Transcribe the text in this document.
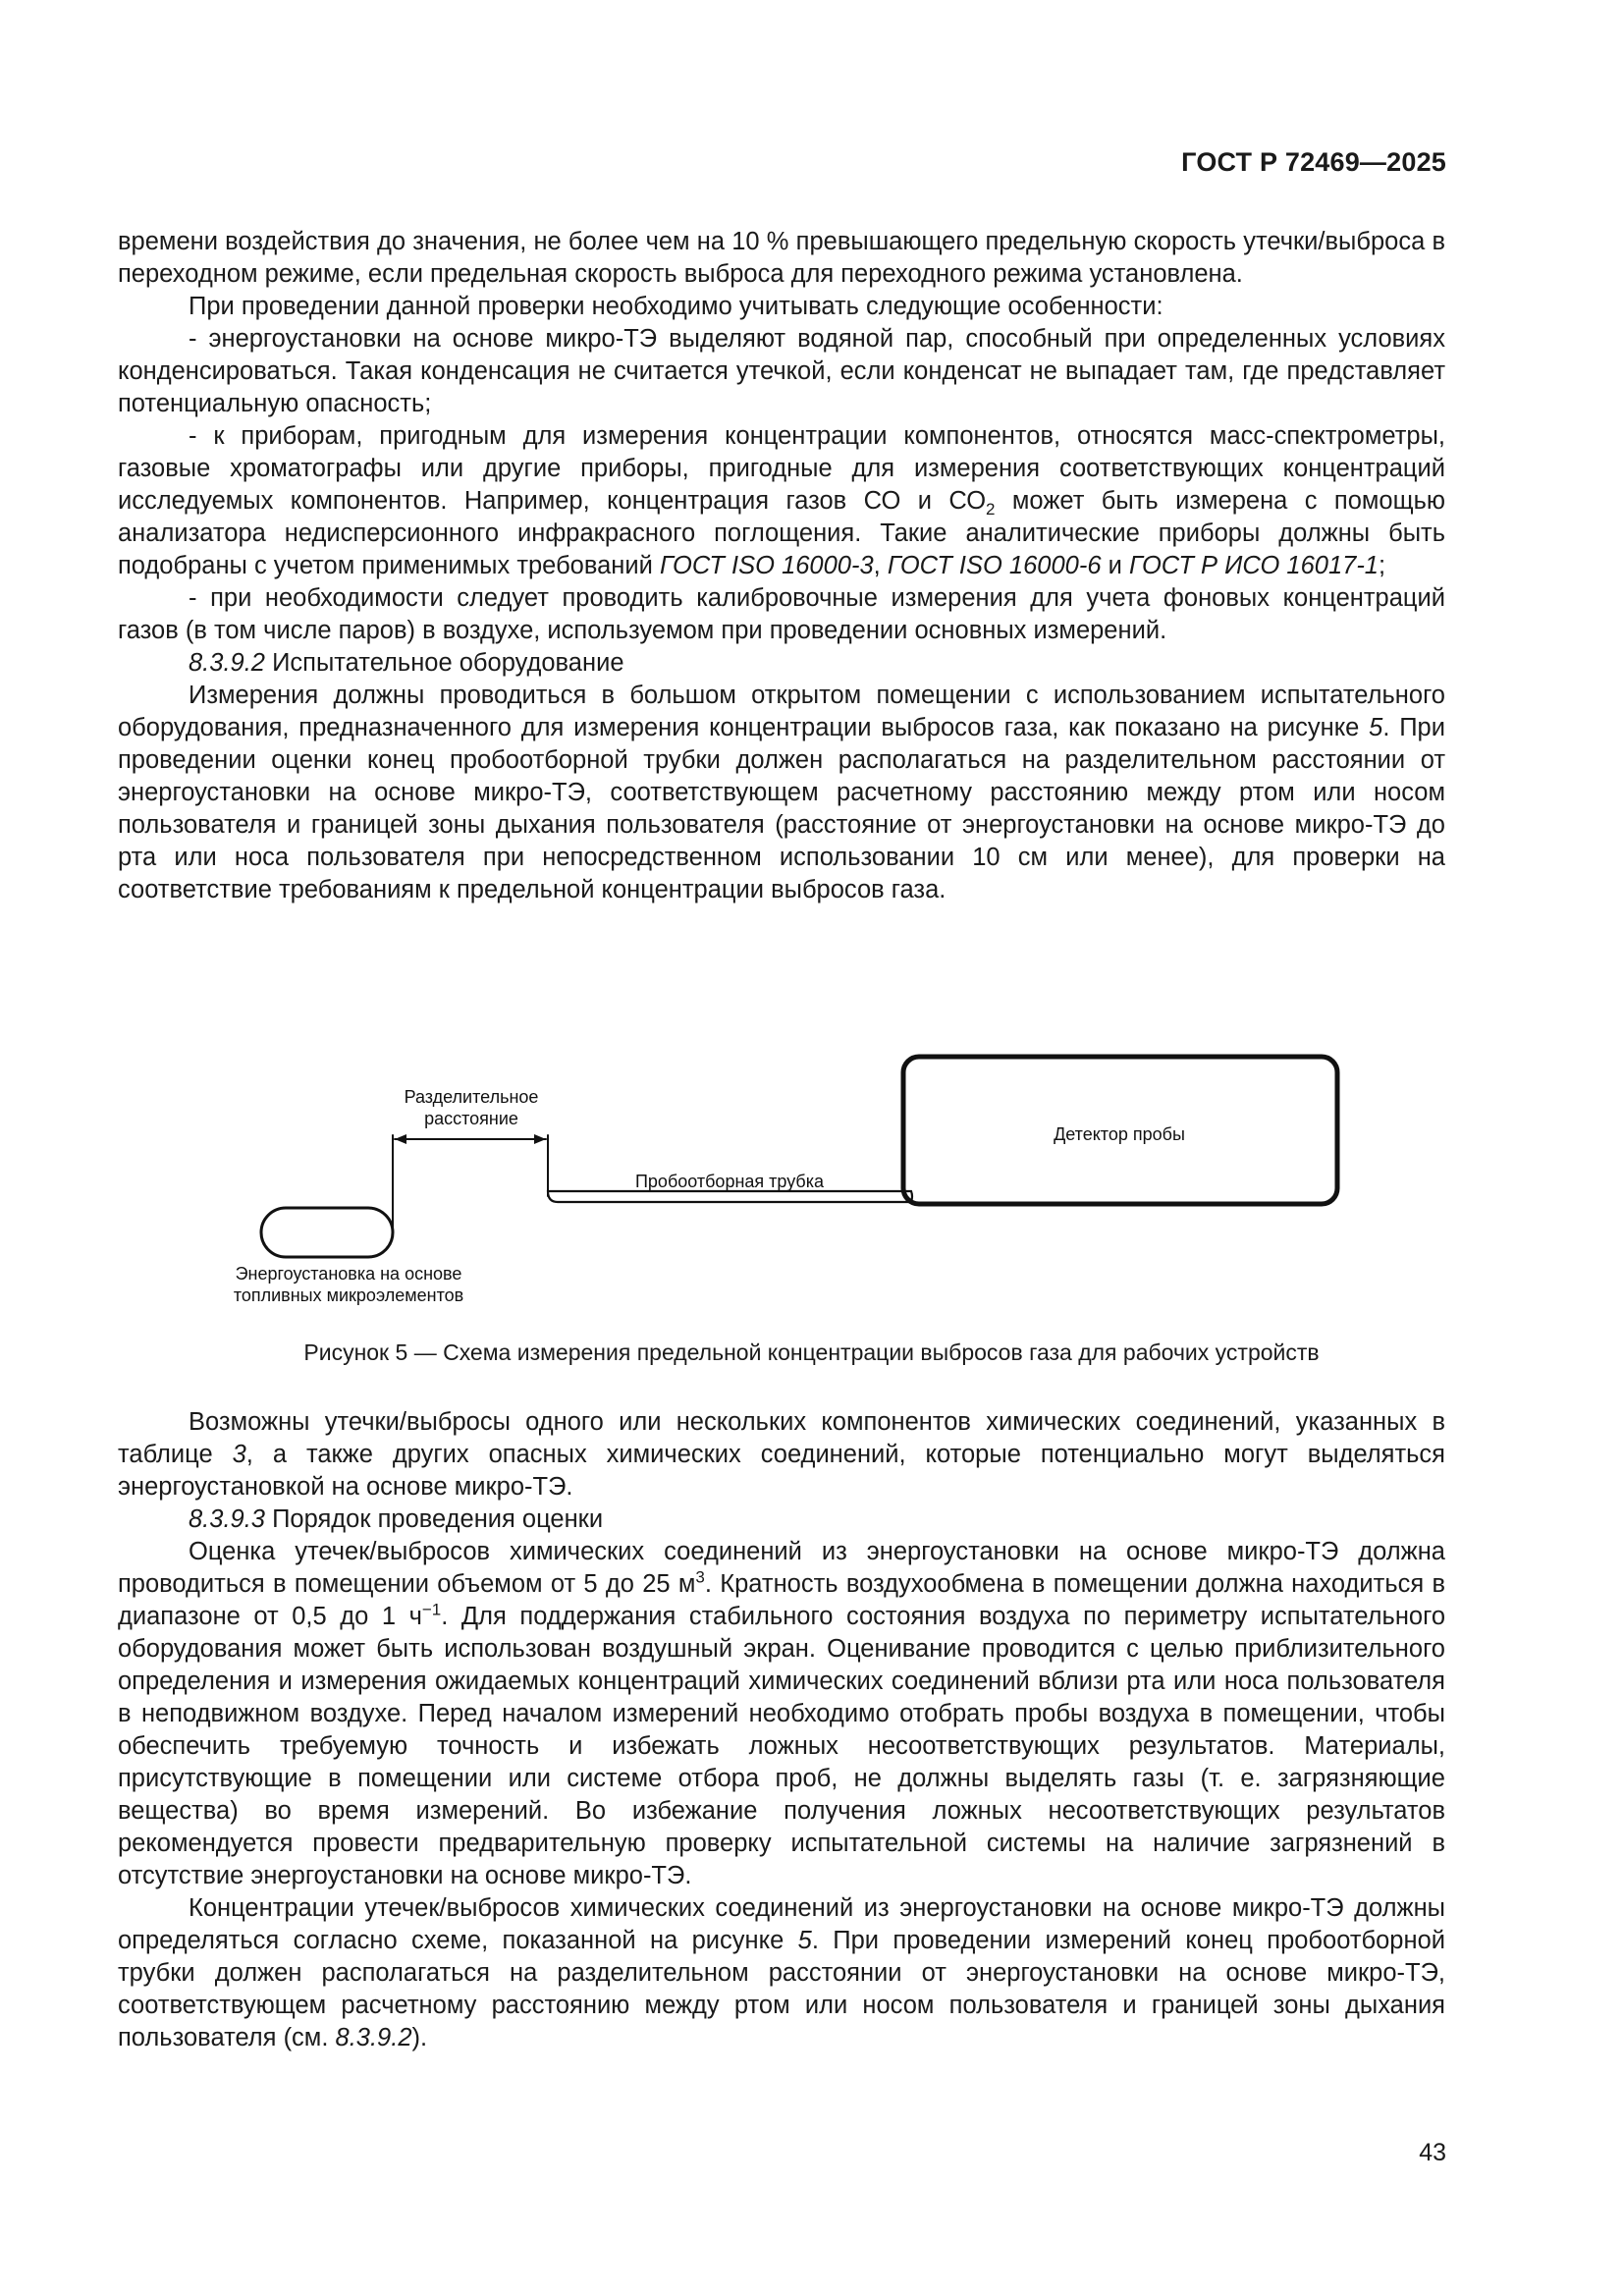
ГОСТ Р 72469—2025

времени воздействия до значения, не более чем на 10 % превышающего предельную скорость утечки/выброса в переходном режиме, если предельная скорость выброса для переходного режима установлена.

При проведении данной проверки необходимо учитывать следующие особенности:

- энергоустановки на основе микро-ТЭ выделяют водяной пар, способный при определенных условиях конденсироваться. Такая конденсация не считается утечкой, если конденсат не выпадает там, где представляет потенциальную опасность;

- к приборам, пригодным для измерения концентрации компонентов, относятся масс-спектрометры, газовые хроматографы или другие приборы, пригодные для измерения соответствующих концентраций исследуемых компонентов. Например, концентрация газов СО и $СО_2$ может быть измерена с помощью анализатора недисперсионного инфракрасного поглощения. Такие аналитические приборы должны быть подобраны с учетом применимых требований ГОСТ ISO 16000-3, ГОСТ ISO 16000-6 и ГОСТ Р ИСО 16017-1;

- при необходимости следует проводить калибровочные измерения для учета фоновых концентраций газов (в том числе паров) в воздухе, используемом при проведении основных измерений.

8.3.9.2 Испытательное оборудование

Измерения должны проводиться в большом открытом помещении с использованием испытательного оборудования, предназначенного для измерения концентрации выбросов газа, как показано на рисунке 5. При проведении оценки конец пробоотборной трубки должен располагаться на разделительном расстоянии от энергоустановки на основе микро-ТЭ, соответствующем расчетному расстоянию между ртом или носом пользователя и границей зоны дыхания пользователя (расстояние от энергоустановки на основе микро-ТЭ до рта или носа пользователя при непосредственном использовании 10 см или менее), для проверки на соответствие требованиям к предельной концентрации выбросов газа.

Разделительное
расстояние
Пробоотборная трубка
Детектор пробы
Энергоустановка на основе
топливных микроэлементов
Рисунок 5 — Схема измерения предельной концентрации выбросов газа для рабочих устройств

Возможны утечки/выбросы одного или нескольких компонентов химических соединений, указанных в таблице 3, а также других опасных химических соединений, которые потенциально могут выделяться энергоустановкой на основе микро-ТЭ.

8.3.9.3 Порядок проведения оценки

Оценка утечек/выбросов химических соединений из энергоустановки на основе микро-ТЭ должна проводиться в помещении объемом от 5 до 25 $м^3$. Кратность воздухообмена в помещении должна находиться в диапазоне от 0,5 до 1 $ч^{-1}$. Для поддержания стабильного состояния воздуха по периметру испытательного оборудования может быть использован воздушный экран. Оценивание проводится с целью приблизительного определения и измерения ожидаемых концентраций химических соединений вблизи рта или носа пользователя в неподвижном воздухе. Перед началом измерений необходимо отобрать пробы воздуха в помещении, чтобы обеспечить требуемую точность и избежать ложных несоответствующих результатов. Материалы, присутствующие в помещении или системе отбора проб, не должны выделять газы (т. е. загрязняющие вещества) во время измерений. Во избежание получения ложных несоответствующих результатов рекомендуется провести предварительную проверку испытательной системы на наличие загрязнений в отсутствие энергоустановки на основе микро-ТЭ.

Концентрации утечек/выбросов химических соединений из энергоустановки на основе микро-ТЭ должны определяться согласно схеме, показанной на рисунке 5. При проведении измерений конец пробоотборной трубки должен располагаться на разделительном расстоянии от энергоустановки на основе микро-ТЭ, соответствующем расчетному расстоянию между ртом или носом пользователя и границей зоны дыхания пользователя (см. 8.3.9.2).

43
